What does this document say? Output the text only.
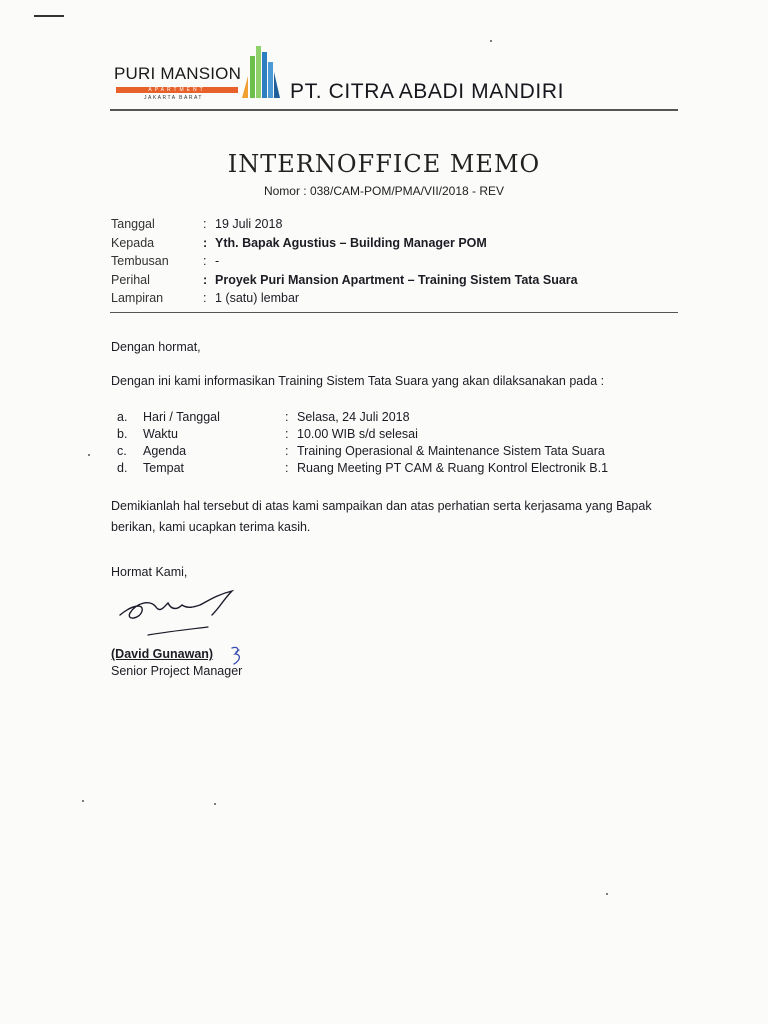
PURI MANSION
APARTMENT
JAKARTA BARAT	PT. CITRA ABADI MANDIRI
INTERNOFFICE MEMO
Nomor : 038/CAM-POM/PMA/VII/2018 - REV
Tanggal	: 19 Juli 2018
Kepada	: Yth. Bapak Agustius – Building Manager POM
Tembusan	: -
Perihal	: Proyek Puri Mansion Apartment – Training Sistem Tata Suara
Lampiran	: 1 (satu) lembar
Dengan hormat,
Dengan ini kami informasikan Training Sistem Tata Suara yang akan dilaksanakan pada :
a. Hari / Tanggal	: Selasa, 24 Juli 2018
b. Waktu	: 10.00 WIB s/d selesai
c. Agenda	: Training Operasional & Maintenance Sistem Tata Suara
d. Tempat	: Ruang Meeting PT CAM & Ruang Kontrol Electronik B.1
Demikianlah hal tersebut di atas kami sampaikan dan atas perhatian serta kerjasama yang Bapak
berikan, kami ucapkan terima kasih.
Hormat Kami,
(David Gunawan)
Senior Project Manager
